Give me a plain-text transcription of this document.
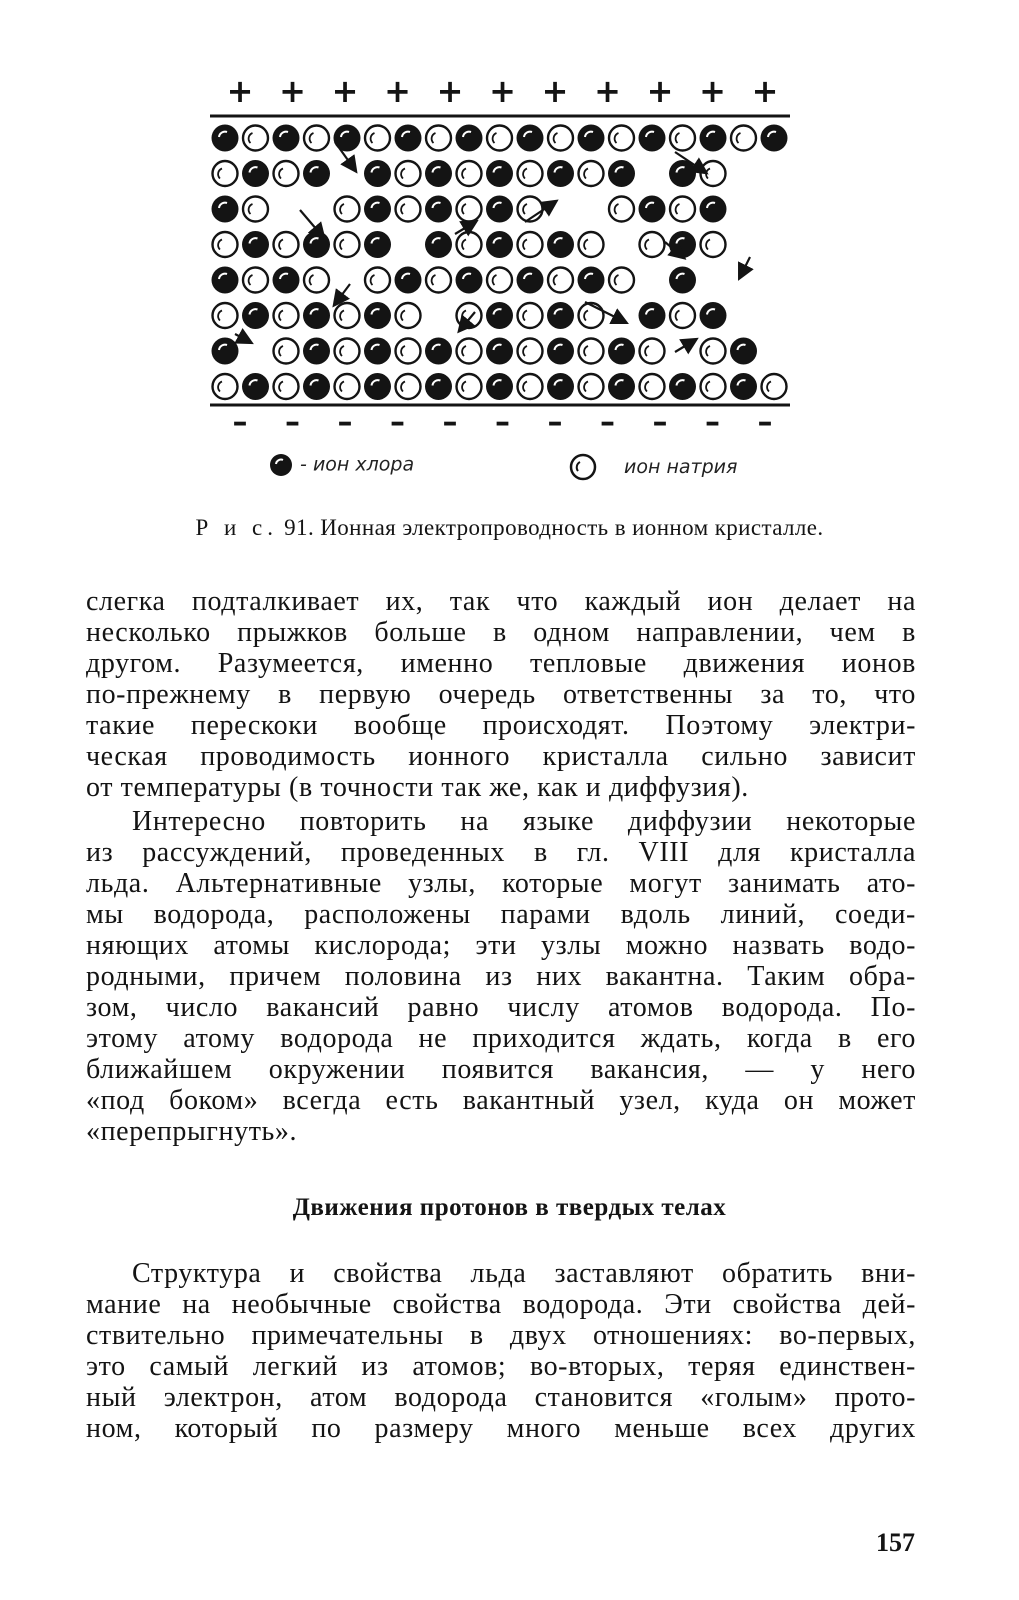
+ + + + + + + + + + +
– – – – – – – – – – –
- ион хлора	ион натрия
Р и с. 91. Ионная электропроводность в ионном кристалле.
слегка подталкивает их, так что каждый ион делает на
несколько прыжков больше в одном направлении, чем в
другом. Разумеется, именно тепловые движения ионов
по-прежнему в первую очередь ответственны за то, что
такие перескоки вообще происходят. Поэтому электри-
ческая проводимость ионного кристалла сильно зависит
от температуры (в точности так же, как и диффузия).
Интересно повторить на языке диффузии некоторые
из рассуждений, проведенных в гл. VIII для кристалла
льда. Альтернативные узлы, которые могут занимать ато-
мы водорода, расположены парами вдоль линий, соеди-
няющих атомы кислорода; эти узлы можно назвать водо-
родными, причем половина из них вакантна. Таким обра-
зом, число вакансий равно числу атомов водорода. По-
этому атому водорода не приходится ждать, когда в его
ближайшем окружении появится вакансия, — у него
«под боком» всегда есть вакантный узел, куда он может
«перепрыгнуть».
Движения протонов в твердых телах
Структура и свойства льда заставляют обратить вни-
мание на необычные свойства водорода. Эти свойства дей-
ствительно примечательны в двух отношениях: во-первых,
это самый легкий из атомов; во-вторых, теряя единствен-
ный электрон, атом водорода становится «голым» прото-
ном, который по размеру много меньше всех других
157
